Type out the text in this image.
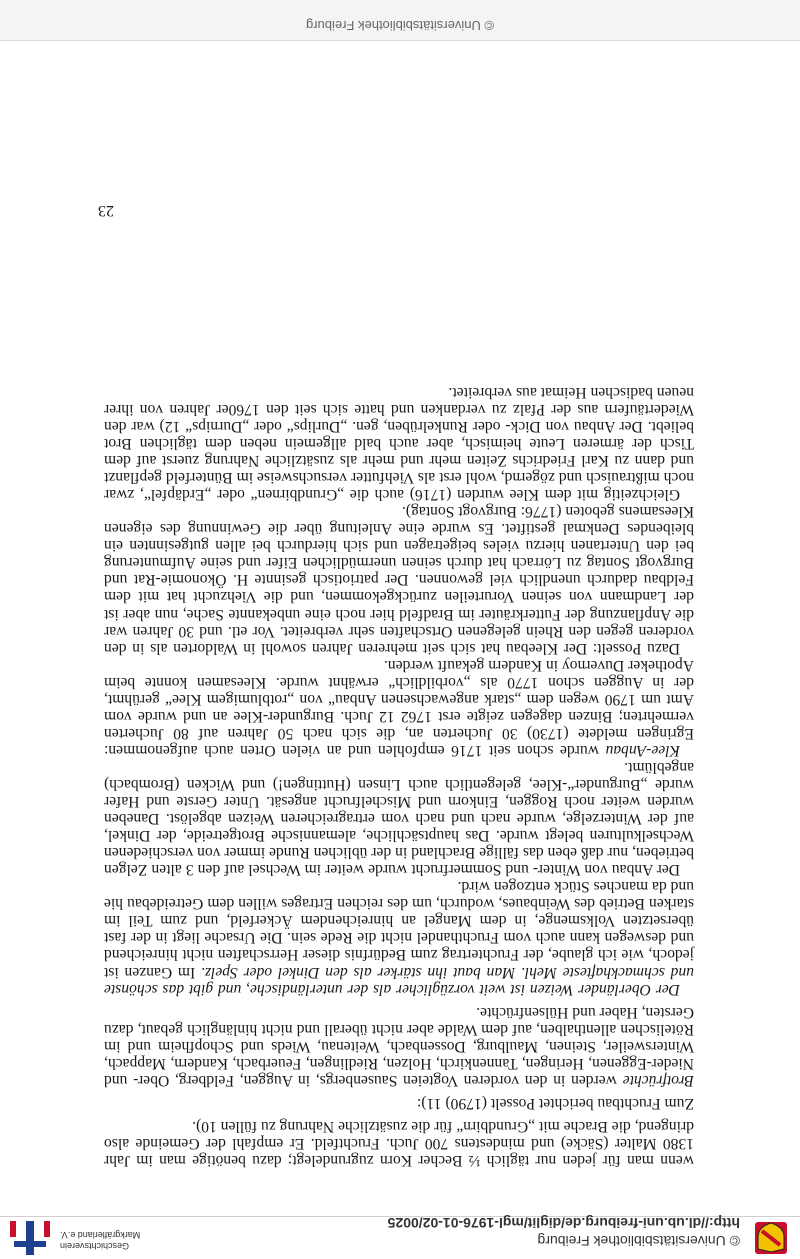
© Universitätsbibliothek Freiburg
http://dl.ub.uni-freiburg.de/diglit/mgl-1976-01-02/0025
Geschichtsverein Markgräflerland e.V.
23

wenn man für jeden nur täglich ½ Becher Korn zugrundelegt; dazu benötige man im Jahr 1380 Malter (Säcke) und mindestens 700 Juch. Fruchtfeld. Er empfahl der Gemeinde also dringend, die Brache mit „Grundbirn“ für die zusätzliche Nahrung zu füllen 10).

Zum Fruchtbau berichtet Posselt (1790) 11):

Brotfrüchte werden in den vorderen Vogteien Sausenbergs, in Auggen, Feldberg, Ober- und Nieder-Eggenen, Heringen, Tannenkirch, Holzen, Riedlingen, Feuerbach, Kandern, Mappach, Wintersweiler, Steinen, Maulburg, Dossenbach, Weitenau, Wieds und Schopfheim und im Rötelischen allenthalben, auf dem Walde aber nicht überall und nicht hinlänglich gebaut, dazu Gersten, Haber und Hülsenfrüchte.

Der Oberländer Weizen ist weit vorzüglicher als der unterländische, und gibt das schönste und schmackhafteste Mehl. Man baut ihn stärker als den Dinkel oder Spelz. Im Ganzen ist jedoch, wie ich glaube, der Fruchtertrag zum Bedürfnis dieser Herrschaften nicht hinreichend und deswegen kann auch vom Fruchthandel nicht die Rede sein. Die Ursache liegt in der fast übersetzten Volksmenge, in dem Mangel an hinreichendem Äckerfeld, und zum Teil im starken Betrieb des Weinbaues, wodurch, um des reichen Ertrages willen dem Getreidebau hie und da manches Stück entzogen wird.

Der Anbau von Winter- und Sommerfrucht wurde weiter im Wechsel auf den 3 alten Zelgen betrieben, nur daß eben das fällige Brachland in der üblichen Runde immer von verschiedenen Wechselkulturen belegt wurde. Das hauptsächliche, alemannische Brotgetreide, der Dinkel, auf der Winterzelge, wurde nach und nach vom ertragreicheren Weizen abgelöst. Daneben wurden weiter noch Roggen, Einkorn und Mischelfrucht angesät. Unter Gerste und Hafer wurde „Burgunder“-Klee, gelegentlich auch Linsen (Huttingen!) und Wicken (Brombach) angeblümt.

Klee-Anbau wurde schon seit 1716 empfohlen und an vielen Orten auch aufgenommen: Egringen meldete (1730) 30 Jucherten an, die sich nach 50 Jahren auf 80 Jucherten vermehrten; Binzen dagegen zeigte erst 1762 12 Juch. Burgunder-Klee an und wurde vom Amt um 1790 wegen dem „stark angewachsenen Anbau“ von „rotblumigem Klee“ gerühmt, der in Auggen schon 1770 als „vorbildlich“ erwähnt wurde. Kleesamen konnte beim Apotheker Duvernoy in Kandern gekauft werden.

Dazu Posselt: Der Kleebau hat sich seit mehreren Jahren sowohl in Waldorten als in den vorderen gegen den Rhein gelegenen Ortschaften sehr verbreitet. Vor etl. und 30 Jahren war die Anpflanzung der Futterkräuter im Bradfeld hier noch eine unbekannte Sache, nun aber ist der Landmann von seinen Vorurteilen zurückgekommen, und die Viehzucht hat mit dem Feldbau dadurch unendlich viel gewonnen. Der patriotisch gesinnte H. Ökonomie-Rat und Burgvogt Sontag zu Lörrach hat durch seinen unermüdlichen Eifer und seine Aufmunterung bei den Untertanen hierzu vieles beigetragen und sich hierdurch bei allen gutgesinnten ein bleibendes Denkmal gestiftet. Es wurde eine Anleitung über die Gewinnung des eigenen Kleesamens geboten (1776: Burgvogt Sontag).

Gleichzeitig mit dem Klee wurden (1716) auch die „Grundbirnen“ oder „Erdäpfel“, zwar noch mißtrauisch und zögernd, wohl erst als Viehfutter versuchsweise im Bünterfeld gepflanzt und dann zu Karl Friedrichs Zeiten mehr und mehr als zusätzliche Nahrung zuerst auf dem Tisch der ärmeren Leute heimisch, aber auch bald allgemein neben dem täglichen Brot beliebt. Der Anbau von Dick- oder Runkelrüben, gen. „Durlips“ oder „Durnips“ 12) war den Wiedertäufern aus der Pfalz zu verdanken und hatte sich seit den 1760er Jahren von ihrer neuen badischen Heimat aus verbreitet.

© Universitätsbibliothek Freiburg
